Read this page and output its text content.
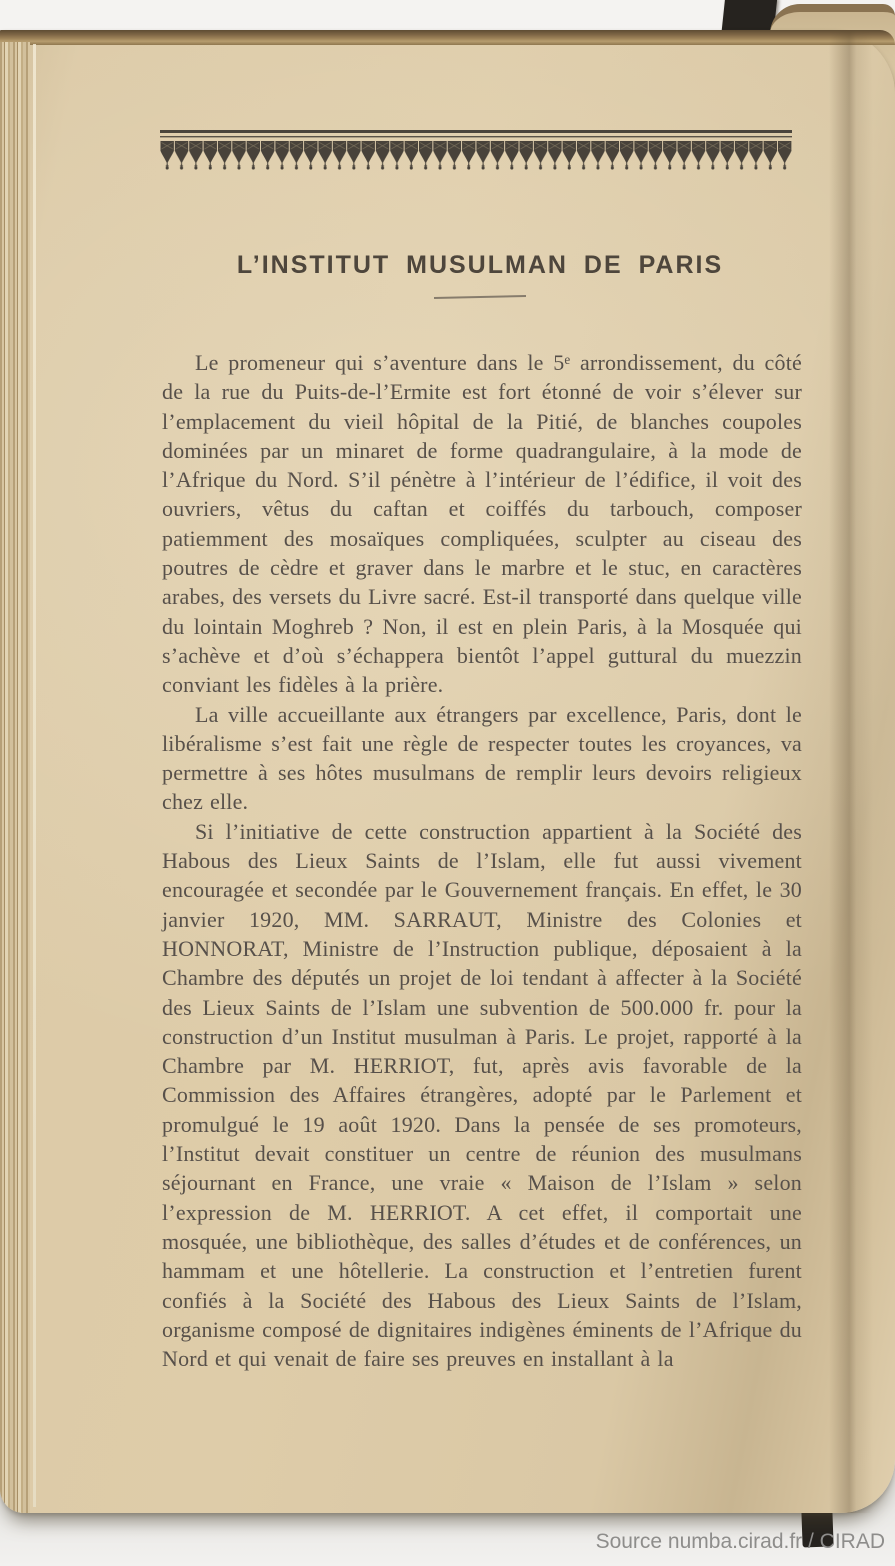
L’INSTITUT MUSULMAN DE PARIS

Le promeneur qui s’aventure dans le 5ᵉ arrondissement, du côté de la rue du Puits-de-l’Ermite est fort étonné de voir s’élever sur l’emplacement du vieil hôpital de la Pitié, de blanches coupoles dominées par un minaret de forme quadrangulaire, à la mode de l’Afrique du Nord. S’il pénètre à l’intérieur de l’édifice, il voit des ouvriers, vêtus du caftan et coiffés du tarbouch, composer patiemment des mosaïques compliquées, sculpter au ciseau des poutres de cèdre et graver dans le marbre et le stuc, en caractères arabes, des versets du Livre sacré. Est-il transporté dans quelque ville du lointain Moghreb ? Non, il est en plein Paris, à la Mosquée qui s’achève et d’où s’échappera bientôt l’appel guttural du muezzin conviant les fidèles à la prière.

La ville accueillante aux étrangers par excellence, Paris, dont le libéralisme s’est fait une règle de respecter toutes les croyances, va permettre à ses hôtes musulmans de remplir leurs devoirs religieux chez elle.

Si l’initiative de cette construction appartient à la Société des Habous des Lieux Saints de l’Islam, elle fut aussi vivement encouragée et secondée par le Gouvernement français. En effet, le 30 janvier 1920, MM. SARRAUT, Ministre des Colonies et HONNORAT, Ministre de l’Instruction publique, déposaient à la Chambre des députés un projet de loi tendant à affecter à la Société des Lieux Saints de l’Islam une subvention de 500.000 fr. pour la construction d’un Institut musulman à Paris. Le projet, rapporté à la Chambre par M. HERRIOT, fut, après avis favorable de la Commission des Affaires étrangères, adopté par le Parlement et promulgué le 19 août 1920. Dans la pensée de ses promoteurs, l’Institut devait constituer un centre de réunion des musulmans séjournant en France, une vraie « Maison de l’Islam » selon l’expression de M. HERRIOT. A cet effet, il comportait une mosquée, une bibliothèque, des salles d’études et de conférences, un hammam et une hôtellerie. La construction et l’entretien furent confiés à la Société des Habous des Lieux Saints de l’Islam, organisme composé de dignitaires indigènes éminents de l’Afrique du Nord et qui venait de faire ses preuves en installant à la

Source numba.cirad.fr / CIRAD
